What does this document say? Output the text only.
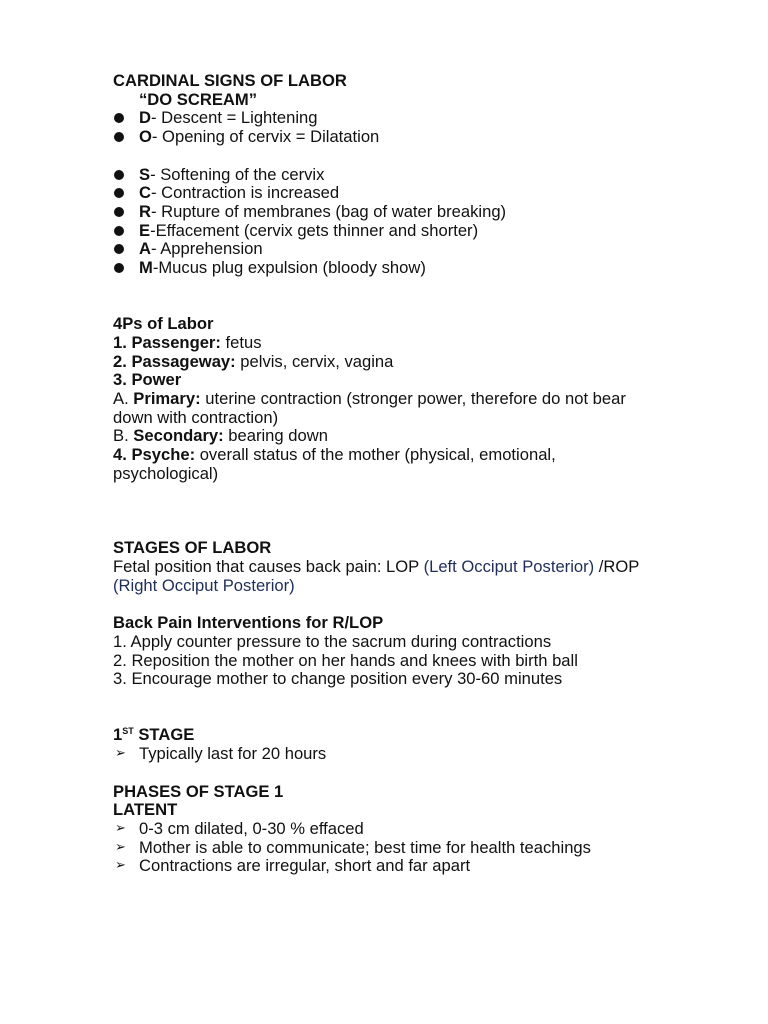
CARDINAL SIGNS OF LABOR
“DO SCREAM”
D- Descent = Lightening
O- Opening of cervix = Dilatation
S- Softening of the cervix
C- Contraction is increased
R- Rupture of membranes (bag of water breaking)
E-Effacement (cervix gets thinner and shorter)
A- Apprehension
M-Mucus plug expulsion (bloody show)
4Ps of Labor
1. Passenger: fetus
2. Passageway: pelvis, cervix, vagina
3. Power
A. Primary: uterine contraction (stronger power, therefore do not bear down with contraction)
B. Secondary: bearing down
4. Psyche: overall status of the mother (physical, emotional, psychological)
STAGES OF LABOR
Fetal position that causes back pain: LOP (Left Occiput Posterior) /ROP (Right Occiput Posterior)
Back Pain Interventions for R/LOP
1. Apply counter pressure to the sacrum during contractions
2. Reposition the mother on her hands and knees with birth ball
3. Encourage mother to change position every 30-60 minutes
1ST STAGE
➢ Typically last for 20 hours
PHASES OF STAGE 1
LATENT
➢ 0-3 cm dilated, 0-30 % effaced
➢ Mother is able to communicate; best time for health teachings
➢ Contractions are irregular, short and far apart
